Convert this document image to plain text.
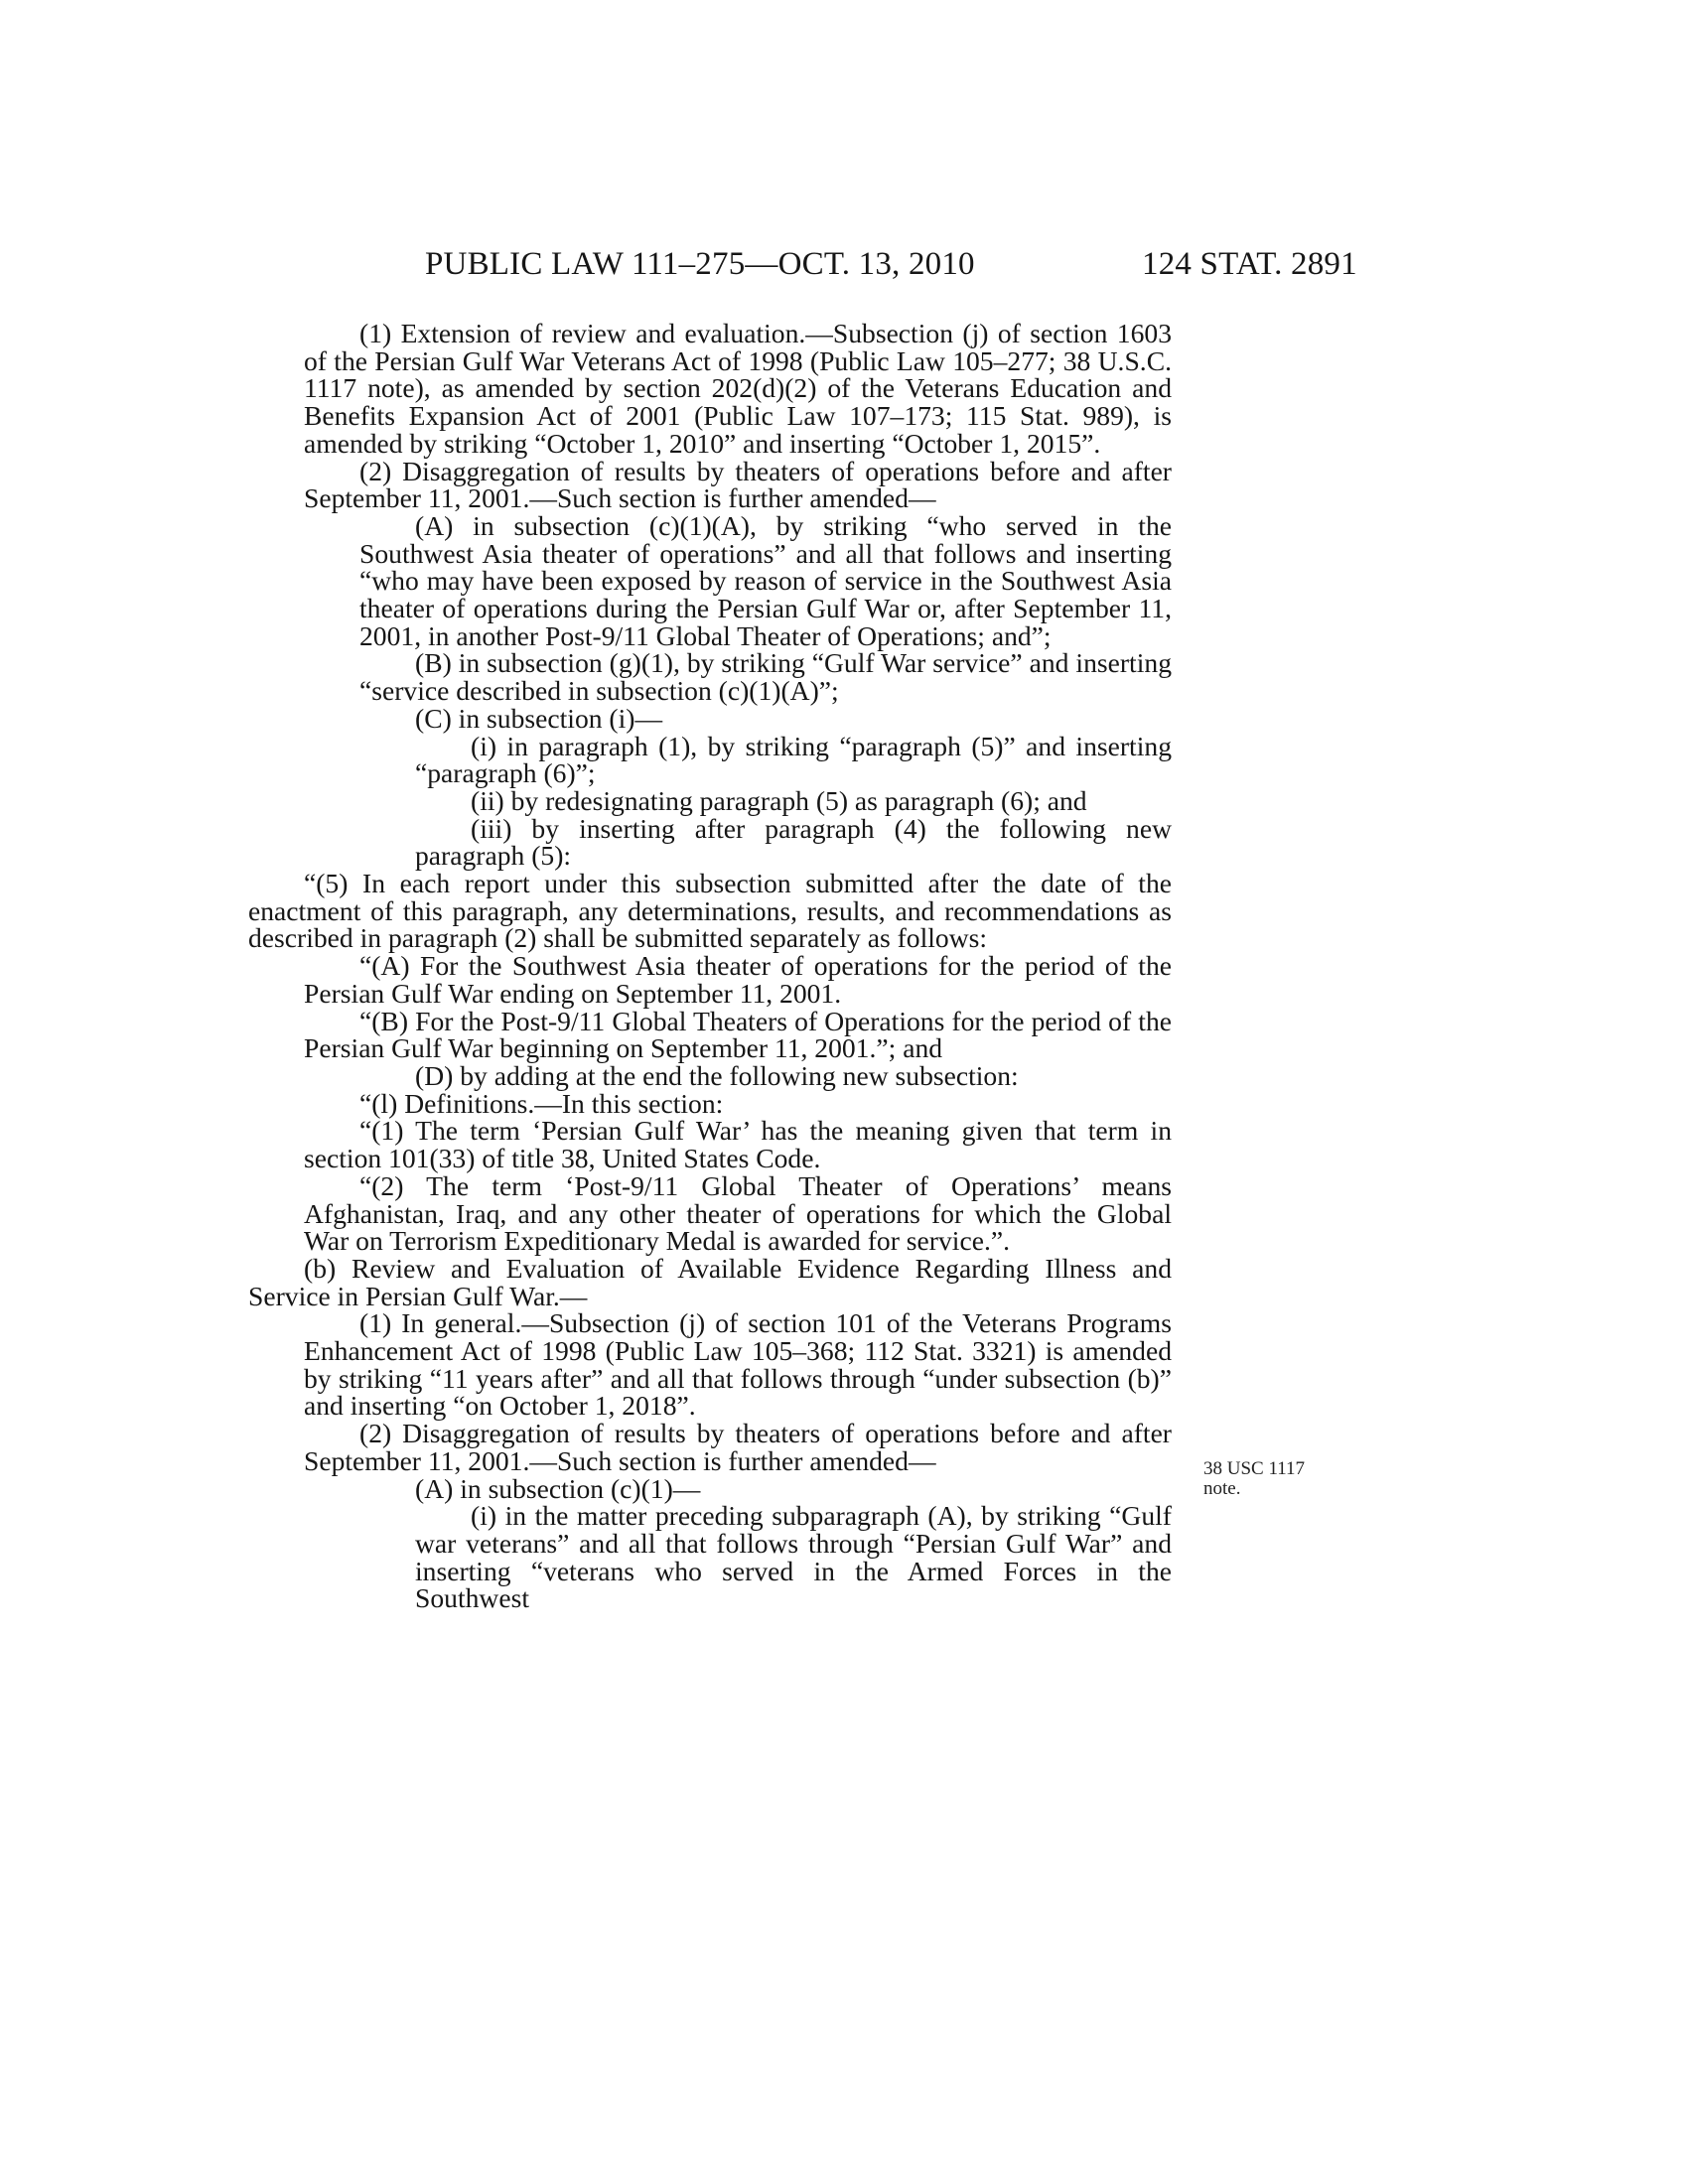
PUBLIC LAW 111–275—OCT. 13, 2010	124 STAT. 2891

(1) Extension of review and evaluation.—Subsection (j) of section 1603 of the Persian Gulf War Veterans Act of 1998 (Public Law 105–277; 38 U.S.C. 1117 note), as amended by section 202(d)(2) of the Veterans Education and Benefits Expansion Act of 2001 (Public Law 107–173; 115 Stat. 989), is amended by striking “October 1, 2010” and inserting “October 1, 2015”.

(2) Disaggregation of results by theaters of operations before and after September 11, 2001.—Such section is further amended—

(A) in subsection (c)(1)(A), by striking “who served in the Southwest Asia theater of operations” and all that follows and inserting “who may have been exposed by reason of service in the Southwest Asia theater of operations during the Persian Gulf War or, after September 11, 2001, in another Post-9/11 Global Theater of Operations; and”;

(B) in subsection (g)(1), by striking “Gulf War service” and inserting “service described in subsection (c)(1)(A)”;

(C) in subsection (i)—

(i) in paragraph (1), by striking “paragraph (5)” and inserting “paragraph (6)”;

(ii) by redesignating paragraph (5) as paragraph (6); and

(iii) by inserting after paragraph (4) the following new paragraph (5):

“(5) In each report under this subsection submitted after the date of the enactment of this paragraph, any determinations, results, and recommendations as described in paragraph (2) shall be submitted separately as follows:

“(A) For the Southwest Asia theater of operations for the period of the Persian Gulf War ending on September 11, 2001.

“(B) For the Post-9/11 Global Theaters of Operations for the period of the Persian Gulf War beginning on September 11, 2001.”; and

(D) by adding at the end the following new subsection:

“(l) Definitions.—In this section:

“(1) The term ‘Persian Gulf War’ has the meaning given that term in section 101(33) of title 38, United States Code.

“(2) The term ‘Post-9/11 Global Theater of Operations’ means Afghanistan, Iraq, and any other theater of operations for which the Global War on Terrorism Expeditionary Medal is awarded for service.”.

(b) Review and Evaluation of Available Evidence Regarding Illness and Service in Persian Gulf War.—

(1) In general.—Subsection (j) of section 101 of the Veterans Programs Enhancement Act of 1998 (Public Law 105–368; 112 Stat. 3321) is amended by striking “11 years after” and all that follows through “under subsection (b)” and inserting “on October 1, 2018”.

(2) Disaggregation of results by theaters of operations before and after September 11, 2001.—Such section is further amended—

(A) in subsection (c)(1)—

(i) in the matter preceding subparagraph (A), by striking “Gulf war veterans” and all that follows through “Persian Gulf War” and inserting “veterans who served in the Armed Forces in the Southwest

38 USC 1117
note.
